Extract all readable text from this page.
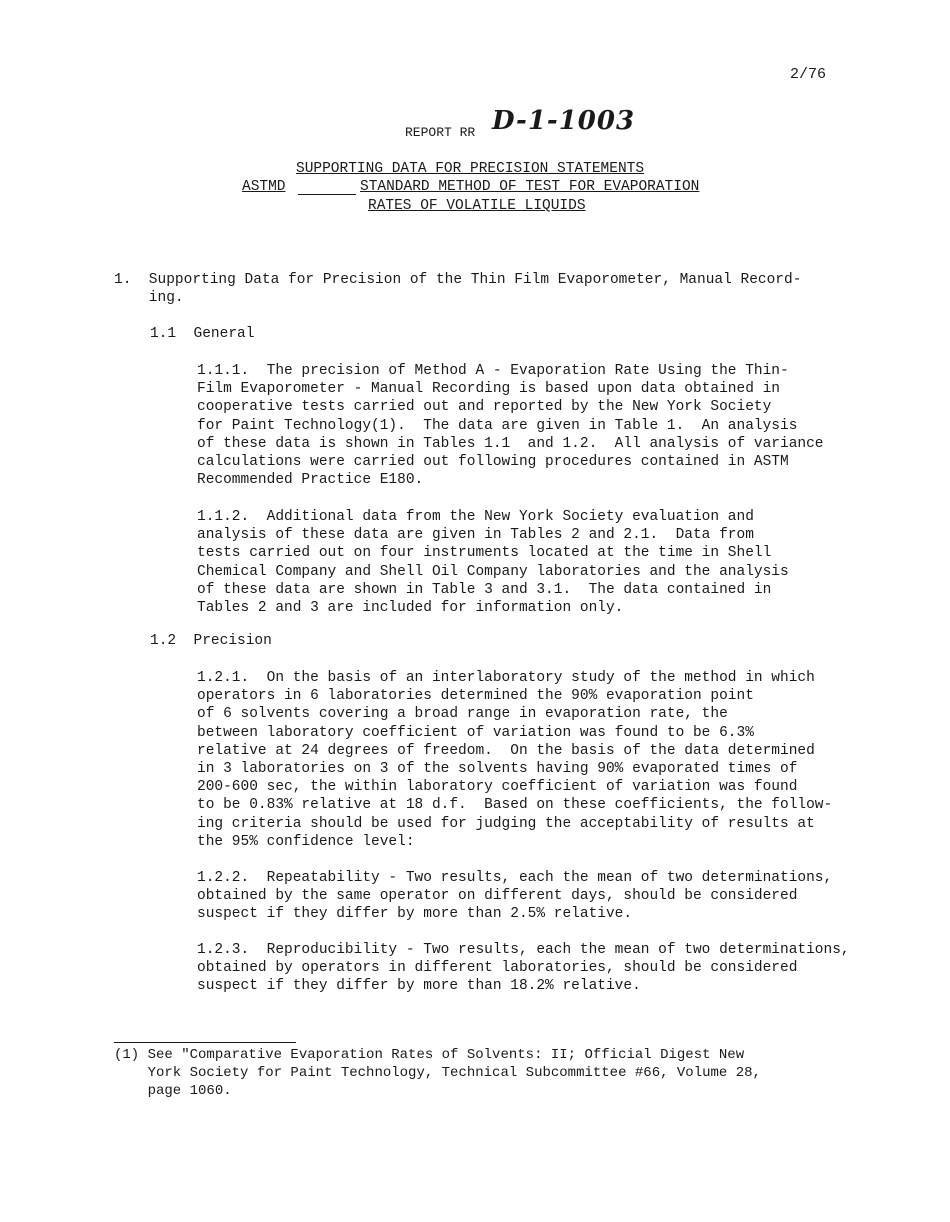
2/76
REPORT RR D-1-1003
SUPPORTING DATA FOR PRECISION STATEMENTS
ASTMD	STANDARD METHOD OF TEST FOR EVAPORATION
RATES OF VOLATILE LIQUIDS
1.  Supporting Data for Precision of the Thin Film Evaporometer, Manual Record-
ing.
1.1  General
1.1.1.  The precision of Method A - Evaporation Rate Using the Thin-
Film Evaporometer - Manual Recording is based upon data obtained in
cooperative tests carried out and reported by the New York Society
for Paint Technology(1).  The data are given in Table 1.  An analysis
of these data is shown in Tables 1.1  and 1.2.  All analysis of variance
calculations were carried out following procedures contained in ASTM
Recommended Practice E180.
1.1.2.  Additional data from the New York Society evaluation and
analysis of these data are given in Tables 2 and 2.1.  Data from
tests carried out on four instruments located at the time in Shell
Chemical Company and Shell Oil Company laboratories and the analysis
of these data are shown in Table 3 and 3.1.  The data contained in
Tables 2 and 3 are included for information only.
1.2  Precision
1.2.1.  On the basis of an interlaboratory study of the method in which
operators in 6 laboratories determined the 90% evaporation point
of 6 solvents covering a broad range in evaporation rate, the
between laboratory coefficient of variation was found to be 6.3%
relative at 24 degrees of freedom.  On the basis of the data determined
in 3 laboratories on 3 of the solvents having 90% evaporated times of
200-600 sec, the within laboratory coefficient of variation was found
to be 0.83% relative at 18 d.f.  Based on these coefficients, the follow-
ing criteria should be used for judging the acceptability of results at
the 95% confidence level:
1.2.2.  Repeatability - Two results, each the mean of two determinations,
obtained by the same operator on different days, should be considered
suspect if they differ by more than 2.5% relative.
1.2.3.  Reproducibility - Two results, each the mean of two determinations,
obtained by operators in different laboratories, should be considered
suspect if they differ by more than 18.2% relative.
(1) See "Comparative Evaporation Rates of Solvents: II; Official Digest New
York Society for Paint Technology, Technical Subcommittee #66, Volume 28,
page 1060.
